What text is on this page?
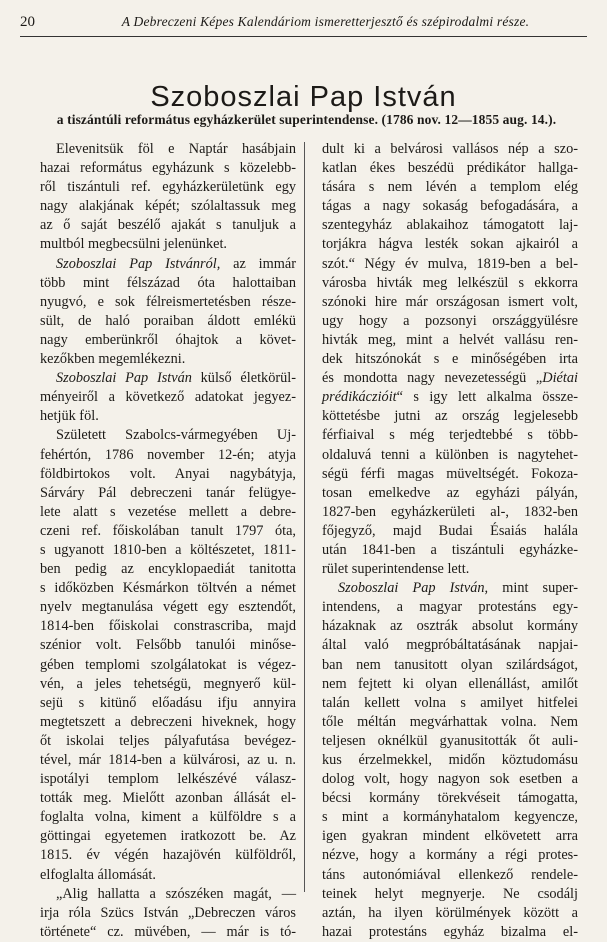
20	A Debreczeni Képes Kalendáriom ismeretterjesztő és szépirodalmi része.
Szoboszlai Pap István
a tiszántúli református egyházkerület superintendense. (1786 nov. 12—1855 aug. 14.).
Elevenitsük föl e Naptár hasábjain
hazai református egyházunk s közelebb-
ről tiszántuli ref. egyházkerületünk egy
nagy alakjának képét; szólaltassuk meg
az ő saját beszélő ajakát s tanuljuk a
multból megbecsülni jelenünket.
Szoboszlai Pap Istvánról, az immár
több mint félszázad óta halottaiban
nyugvó, e sok félreismertetésben része-
sült, de haló poraiban áldott emlékü
nagy emberünkről óhajtok a követ-
kezőkben megemlékezni.
Szoboszlai Pap István külső életkörül-
ményeiről a következő adatokat jegyez-
hetjük föl.
Született Szabolcs-vármegyében Uj-
fehértón, 1786 november 12-én; atyja
földbirtokos volt. Anyai nagybátyja,
Sárváry Pál debreczeni tanár felügye-
lete alatt s vezetése mellett a debre-
czeni ref. főiskolában tanult 1797 óta,
s ugyanott 1810-ben a költészetet, 1811-
ben pedig az encyklopaediát tanitotta
s időközben Késmárkon töltvén a német
nyelv megtanulása végett egy esztendőt,
1814-ben főiskolai constrascriba, majd
szénior volt. Felsőbb tanulói minőse-
gében templomi szolgálatokat is végez-
vén, a jeles tehetségü, megnyerő kül-
sejü s kitünő előadásu ifju annyira
megtetszett a debreczeni hiveknek, hogy
őt iskolai teljes pályafutása bevégez-
tével, már 1814-ben a külvárosi, az u. n.
ispotályi templom lelkészévé válasz-
tották meg. Mielőtt azonban állását el-
foglalta volna, kiment a külföldre s a
göttingai egyetemen iratkozott be. Az
1815. év végén hazajövén külföldről,
elfoglalta állomását.
„Alig hallatta a szószéken magát, —
irja róla Szücs István „Debreczen város
története“ cz. müvében, — már is tó-
dult ki a belvárosi vallásos nép a szo-
katlan ékes beszédü prédikátor hallga-
tására s nem lévén a templom elég
tágas a nagy sokaság befogadására, a
szentegyház ablakaihoz támogatott laj-
torjákra hágva lesték sokan ajkairól a
szót.“ Négy év mulva, 1819-ben a bel-
városba hivták meg lelkészül s ekkorra
szónoki hire már országosan ismert volt,
ugy hogy a pozsonyi országgyülésre
hivták meg, mint a helvét vallásu ren-
dek hitszónokát s e minőségében irta
és mondotta nagy nevezetességü „Diétai
prédikáczióit“ s igy lett alkalma össze-
köttetésbe jutni az ország legjelesebb
férfiaival s még terjedtebbé s több-
oldaluvá tenni a különben is nagytehet-
ségü férfi magas müveltségét. Fokoza-
tosan emelkedve az egyházi pályán,
1827-ben egyházkerületi al-, 1832-ben
főjegyző, majd Budai Ésaiás halála
után 1841-ben a tiszántuli egyházke-
rület superintendense lett.
Szoboszlai Pap István, mint super-
intendens, a magyar protestáns egy-
házaknak az osztrák absolut kormány
által való megpróbáltatásának napjai-
ban nem tanusitott olyan szilárdságot,
nem fejtett ki olyan ellenállást, amilőt
talán kellett volna s amilyet hitfelei
tőle méltán megvárhattak volna. Nem
teljesen oknélkül gyanusitották őt auli-
kus érzelmekkel, midőn köztudomásu
dolog volt, hogy nagyon sok esetben a
bécsi kormány törekvéseit támogatta,
s mint a kormányhatalom kegyencze,
igen gyakran mindent elkövetett arra
nézve, hogy a kormány a régi protes-
táns autonómiával ellenkező rendele-
teinek helyt megnyerje. Ne csodálj
aztán, ha ilyen körülmények között a
hazai protestáns egyház bizalma el-
